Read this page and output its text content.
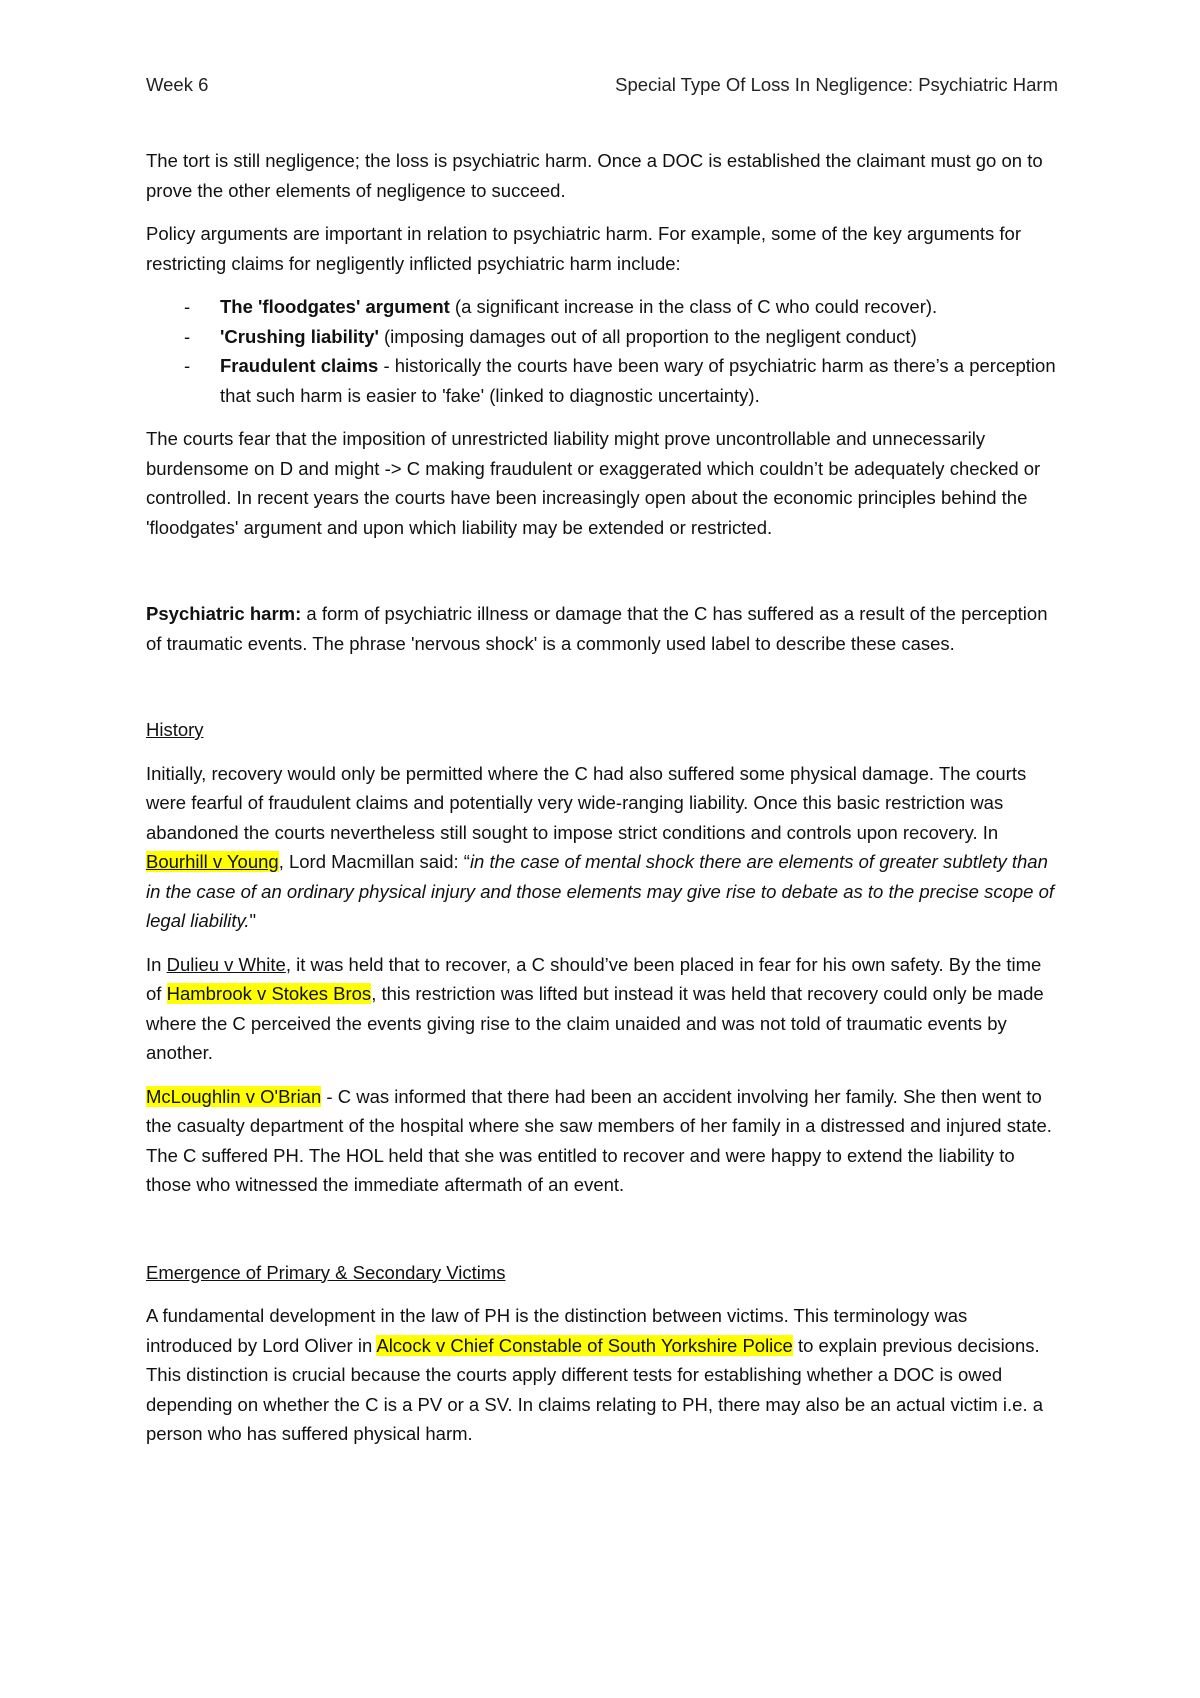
Week 6	Special Type Of Loss In Negligence: Psychiatric Harm

The tort is still negligence; the loss is psychiatric harm. Once a DOC is established the claimant must go on to prove the other elements of negligence to succeed.

Policy arguments are important in relation to psychiatric harm. For example, some of the key arguments for restricting claims for negligently inflicted psychiatric harm include:

- The 'floodgates' argument (a significant increase in the class of C who could recover).
- 'Crushing liability' (imposing damages out of all proportion to the negligent conduct)
- Fraudulent claims - historically the courts have been wary of psychiatric harm as there’s a perception that such harm is easier to 'fake' (linked to diagnostic uncertainty).

The courts fear that the imposition of unrestricted liability might prove uncontrollable and unnecessarily burdensome on D and might -> C making fraudulent or exaggerated which couldn’t be adequately checked or controlled. In recent years the courts have been increasingly open about the economic principles behind the 'floodgates' argument and upon which liability may be extended or restricted.

Psychiatric harm: a form of psychiatric illness or damage that the C has suffered as a result of the perception of traumatic events. The phrase 'nervous shock' is a commonly used label to describe these cases.

History

Initially, recovery would only be permitted where the C had also suffered some physical damage. The courts were fearful of fraudulent claims and potentially very wide-ranging liability. Once this basic restriction was abandoned the courts nevertheless still sought to impose strict conditions and controls upon recovery. In Bourhill v Young, Lord Macmillan said: “in the case of mental shock there are elements of greater subtlety than in the case of an ordinary physical injury and those elements may give rise to debate as to the precise scope of legal liability."

In Dulieu v White, it was held that to recover, a C should’ve been placed in fear for his own safety. By the time of Hambrook v Stokes Bros, this restriction was lifted but instead it was held that recovery could only be made where the C perceived the events giving rise to the claim unaided and was not told of traumatic events by another.

McLoughlin v O'Brian - C was informed that there had been an accident involving her family. She then went to the casualty department of the hospital where she saw members of her family in a distressed and injured state. The C suffered PH. The HOL held that she was entitled to recover and were happy to extend the liability to those who witnessed the immediate aftermath of an event.

Emergence of Primary & Secondary Victims

A fundamental development in the law of PH is the distinction between victims. This terminology was introduced by Lord Oliver in Alcock v Chief Constable of South Yorkshire Police to explain previous decisions. This distinction is crucial because the courts apply different tests for establishing whether a DOC is owed depending on whether the C is a PV or a SV. In claims relating to PH, there may also be an actual victim i.e. a person who has suffered physical harm.
